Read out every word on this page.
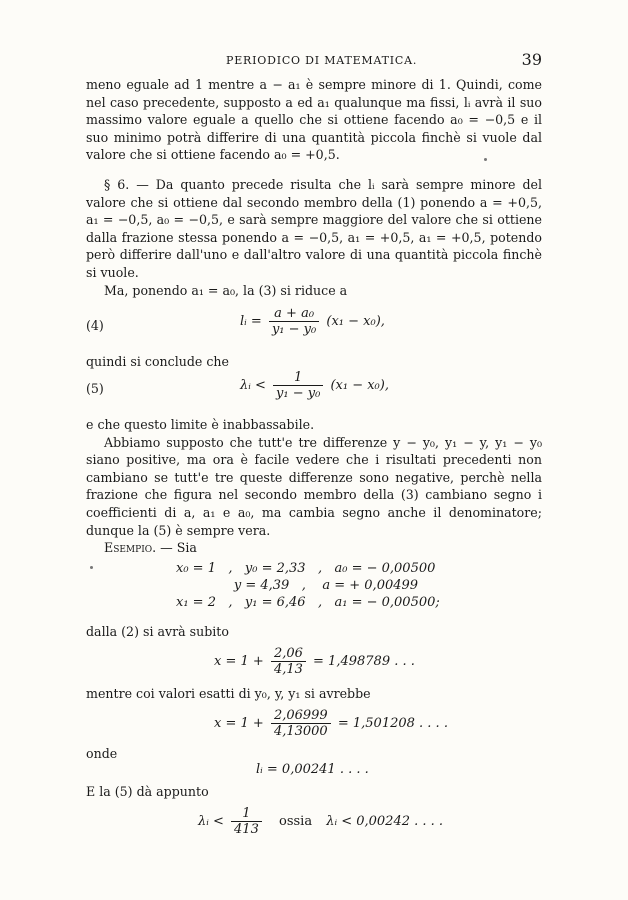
PERIODICO DI MATEMATICA.	39

meno eguale ad 1 mentre a − a₁ è sempre minore di 1. Quindi, come nel caso precedente, supposto a ed a₁ qualunque ma fissi, lᵢ avrà il suo massimo valore eguale a quello che si ottiene facendo a₀ = −0,5 e il suo minimo potrà differire di una quantità piccola finchè si vuole dal valore che si ottiene facendo a₀ = +0,5.

§ 6. — Da quanto precede risulta che lᵢ sarà sempre minore del valore che si ottiene dal secondo membro della (1) ponendo a = +0,5, a₁ = −0,5, a₀ = −0,5, e sarà sempre maggiore del valore che si ottiene dalla frazione stessa ponendo a = −0,5, a₁ = +0,5, a₁ = +0,5, potendo però differire dall'uno e dall'altro valore di una quantità piccola finchè si vuole.

Ma, ponendo a₁ = a₀, la (3) si riduce a

(4)	lᵢ = $\frac{\text{a + a₀}}{\text{y₁ − y₀}} (x_1 - x_0)$,
quindi si conclude che
(5)	λᵢ < $\frac{1}{\text{y₁ − y₀}} (x_1 - x_0)$,

e che questo limite è inabbassabile.

Abbiamo supposto che tutt'e tre differenze y − y₀, y₁ − y, y₁ − y₀ siano positive, ma ora è facile vedere che i risultati precedenti non cambiano se tutt'e tre queste differenze sono negative, perchè nella frazione che figura nel secondo membro della (3) cambiano segno i coefficienti di a, a₁ e a₀, ma cambia segno anche il denominatore; dunque la (5) è sempre vera.

Esempio. — Sia

x₀ = 1   ,   y₀ = 2,33   ,   a₀ = − 0,00500
y = 4,39   ,    a = + 0,00499
x₁ = 2   ,   y₁ = 6,46   ,   a₁ = − 0,00500;
dalla (2) si avrà subito
$x = 1 + \frac{2,06}{4,13} = 1,498789$ . . .
mentre coi valori esatti di y₀, y, y₁ si avrebbe
$x = 1 + \frac{2,06999}{4,13000} = 1,501208$ . . . .
onde
lᵢ = 0,00241 . . . .
E la (5) dà appunto
λᵢ < $\frac{1}{413}$ ossia λᵢ < 0,00242 . . . .
